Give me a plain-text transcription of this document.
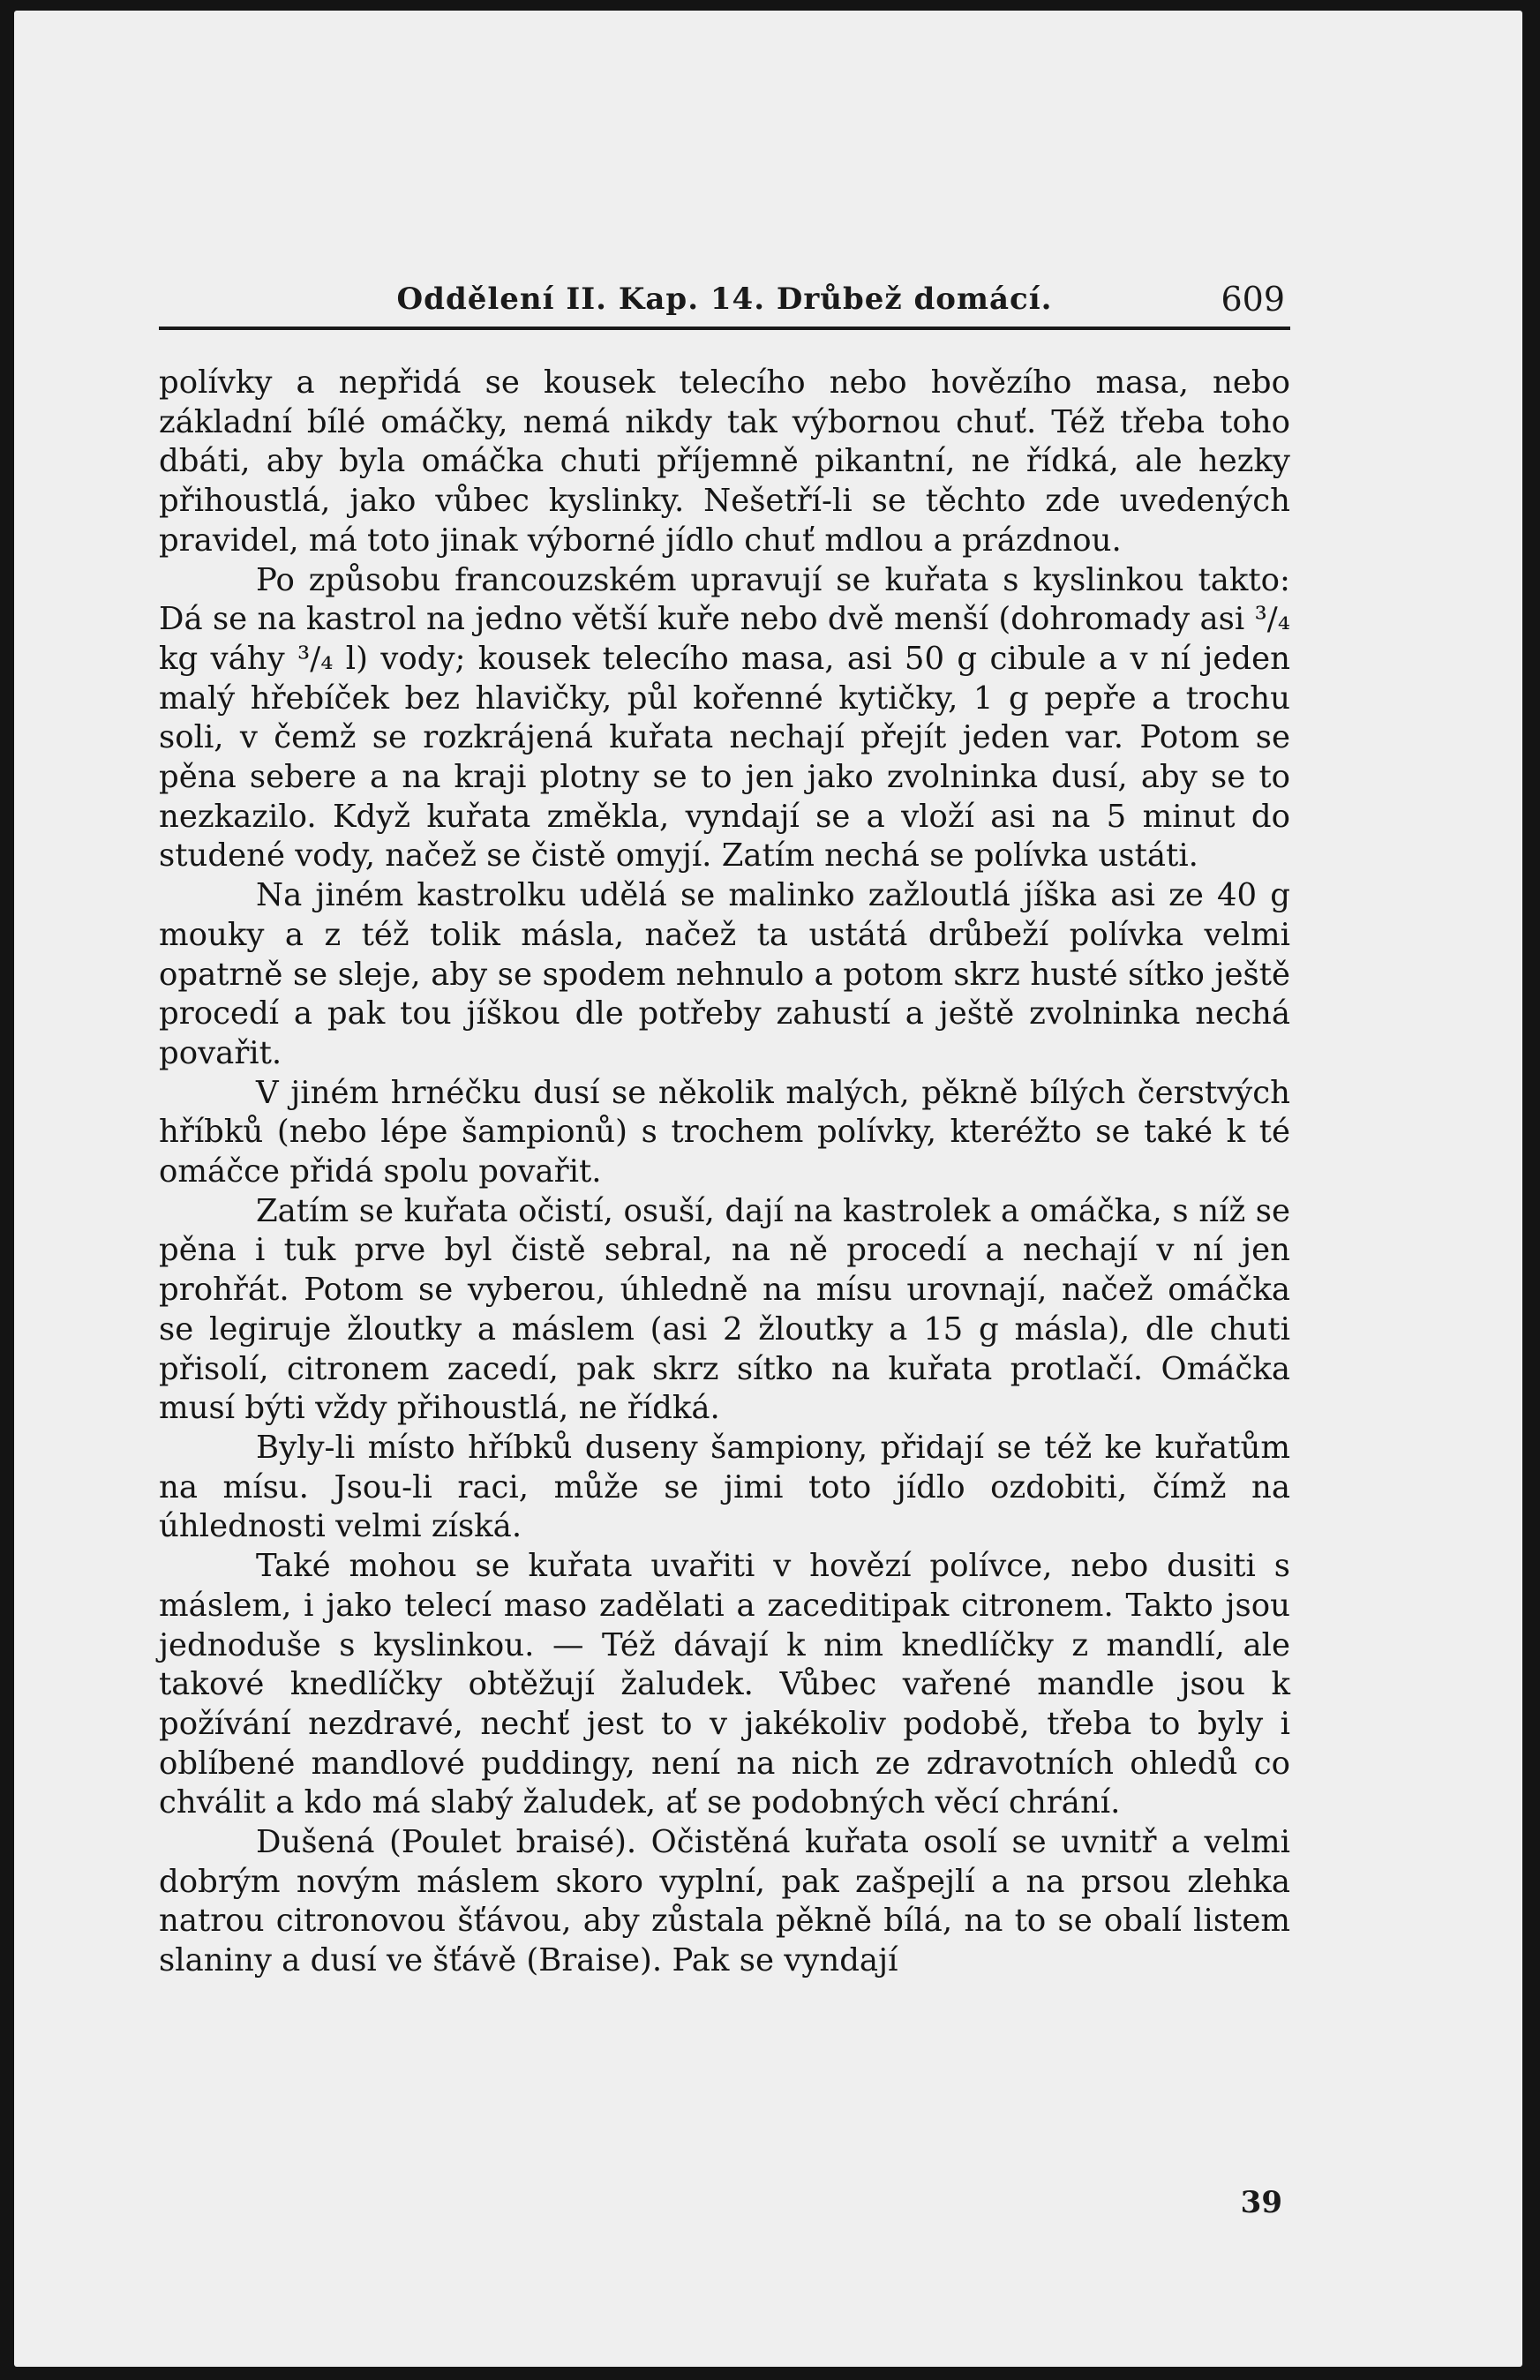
Oddělení II. Kap. 14. Drůbež domácí.	609

polívky a nepřidá se kousek telecího nebo hovězího masa, nebo základní bílé omáčky, nemá nikdy tak výbornou chuť. Též třeba toho dbáti, aby byla omáčka chuti příjemně pikantní, ne řídká, ale hezky přihoustlá, jako vůbec kyslinky. Nešetří-li se těchto zde uvedených pravidel, má toto jinak výborné jídlo chuť mdlou a prázdnou.

Po způsobu francouzském upravují se kuřata s kyslinkou takto: Dá se na kastrol na jedno větší kuře nebo dvě menší (dohromady asi ³/₄ kg váhy ³/₄ l) vody; kousek telecího masa, asi 50 g cibule a v ní jeden malý hřebíček bez hlavičky, půl kořenné kytičky, 1 g pepře a trochu soli, v čemž se rozkrájená kuřata nechají přejít jeden var. Potom se pěna sebere a na kraji plotny se to jen jako zvolninka dusí, aby se to nezkazilo. Když kuřata změkla, vyndají se a vloží asi na 5 minut do studené vody, načež se čistě omyjí. Zatím nechá se polívka ustáti.

Na jiném kastrolku udělá se malinko zažloutlá jíška asi ze 40 g mouky a z též tolik másla, načež ta ustátá drůbeží polívka velmi opatrně se sleje, aby se spodem nehnulo a potom skrz husté sítko ještě procedí a pak tou jíškou dle potřeby zahustí a ještě zvolninka nechá povařit.

V jiném hrnéčku dusí se několik malých, pěkně bílých čerstvých hříbků (nebo lépe šampionů) s trochem polívky, kteréžto se také k té omáčce přidá spolu povařit.

Zatím se kuřata očistí, osuší, dají na kastrolek a omáčka, s níž se pěna i tuk prve byl čistě sebral, na ně procedí a nechají v ní jen prohřát. Potom se vyberou, úhledně na mísu urovnají, načež omáčka se legiruje žloutky a máslem (asi 2 žloutky a 15 g másla), dle chuti přisolí, citronem zacedí, pak skrz sítko na kuřata protlačí. Omáčka musí býti vždy přihoustlá, ne řídká.

Byly-li místo hříbků duseny šampiony, přidají se též ke kuřatům na mísu. Jsou-li raci, může se jimi toto jídlo ozdobiti, čímž na úhlednosti velmi získá.

Také mohou se kuřata uvařiti v hovězí polívce, nebo dusiti s máslem, i jako telecí maso zadělati a zaceditipak citronem. Takto jsou jednoduše s kyslinkou. — Též dávají k nim knedlíčky z mandlí, ale takové knedlíčky obtěžují žaludek. Vůbec vařené mandle jsou k požívání nezdravé, nechť jest to v jakékoliv podobě, třeba to byly i oblíbené mandlové puddingy, není na nich ze zdravotních ohledů co chválit a kdo má slabý žaludek, ať se podobných věcí chrání.

Dušená (Poulet braisé). Očistěná kuřata osolí se uvnitř a velmi dobrým novým máslem skoro vyplní, pak zašpejlí a na prsou zlehka natrou citronovou šťávou, aby zůstala pěkně bílá, na to se obalí listem slaniny a dusí ve šťávě (Braise). Pak se vyndají

39
